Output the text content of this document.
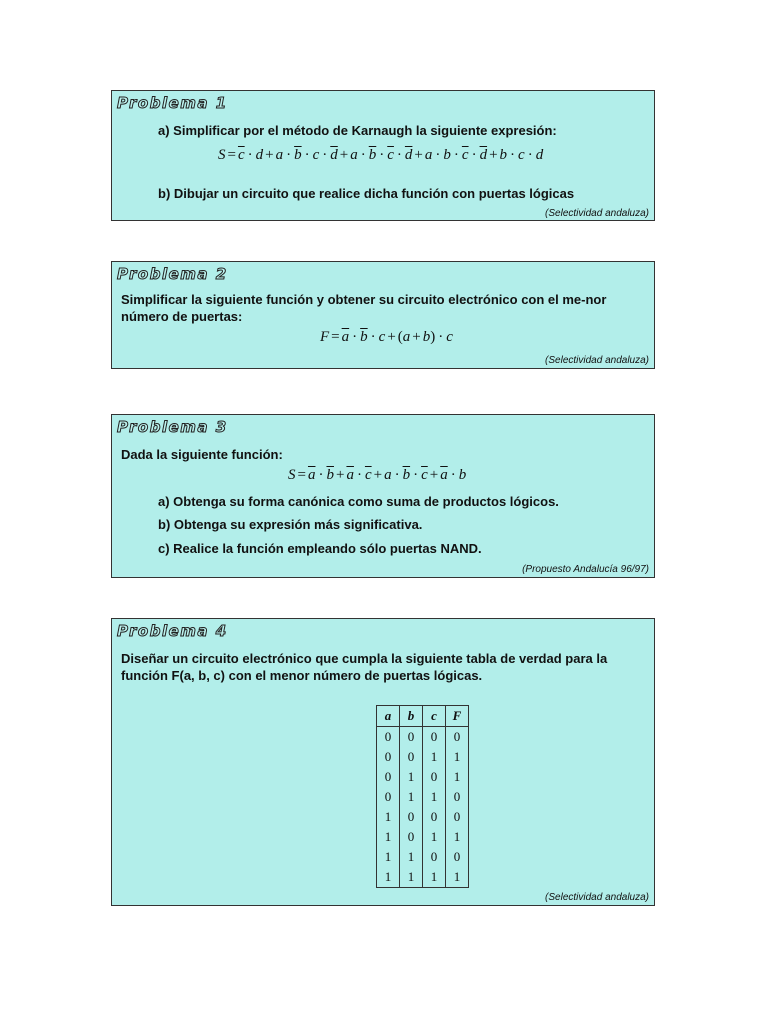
Problema 1
a) Simplificar por el método de Karnaugh la siguiente expresión:
$S = \overline{c} \cdot d + a \cdot \overline{b} \cdot c \cdot \overline{d} + a \cdot \overline{b} \cdot \overline{c} \cdot \overline{d} + a \cdot b \cdot \overline{c} \cdot \overline{d} + b \cdot c \cdot d$
b) Dibujar un circuito que realice dicha función con puertas lógicas
(Selectividad andaluza)
Problema 2
Simplificar la siguiente función y obtener su circuito electrónico con el me-nor número de puertas:
$F = \overline{a} \cdot \overline{b} \cdot c + (a + b) \cdot c$
(Selectividad andaluza)
Problema 3
Dada la siguiente función:
$S = \overline{a} \cdot \overline{b} + \overline{a} \cdot \overline{c} + a \cdot \overline{b} \cdot \overline{c} + \overline{a} \cdot b$
a) Obtenga su forma canónica como suma de productos lógicos.
b) Obtenga su expresión más significativa.
c) Realice la función empleando sólo puertas NAND.
(Propuesto Andalucía 96/97)
Problema 4
Diseñar un circuito electrónico que cumpla la siguiente tabla de verdad para la función F(a, b, c) con el menor número de puertas lógicas.
a	b	c	F
0	0	0	0
0	0	1	1
0	1	0	1
0	1	1	0
1	0	0	0
1	0	1	1
1	1	0	0
1	1	1	1
(Selectividad andaluza)
